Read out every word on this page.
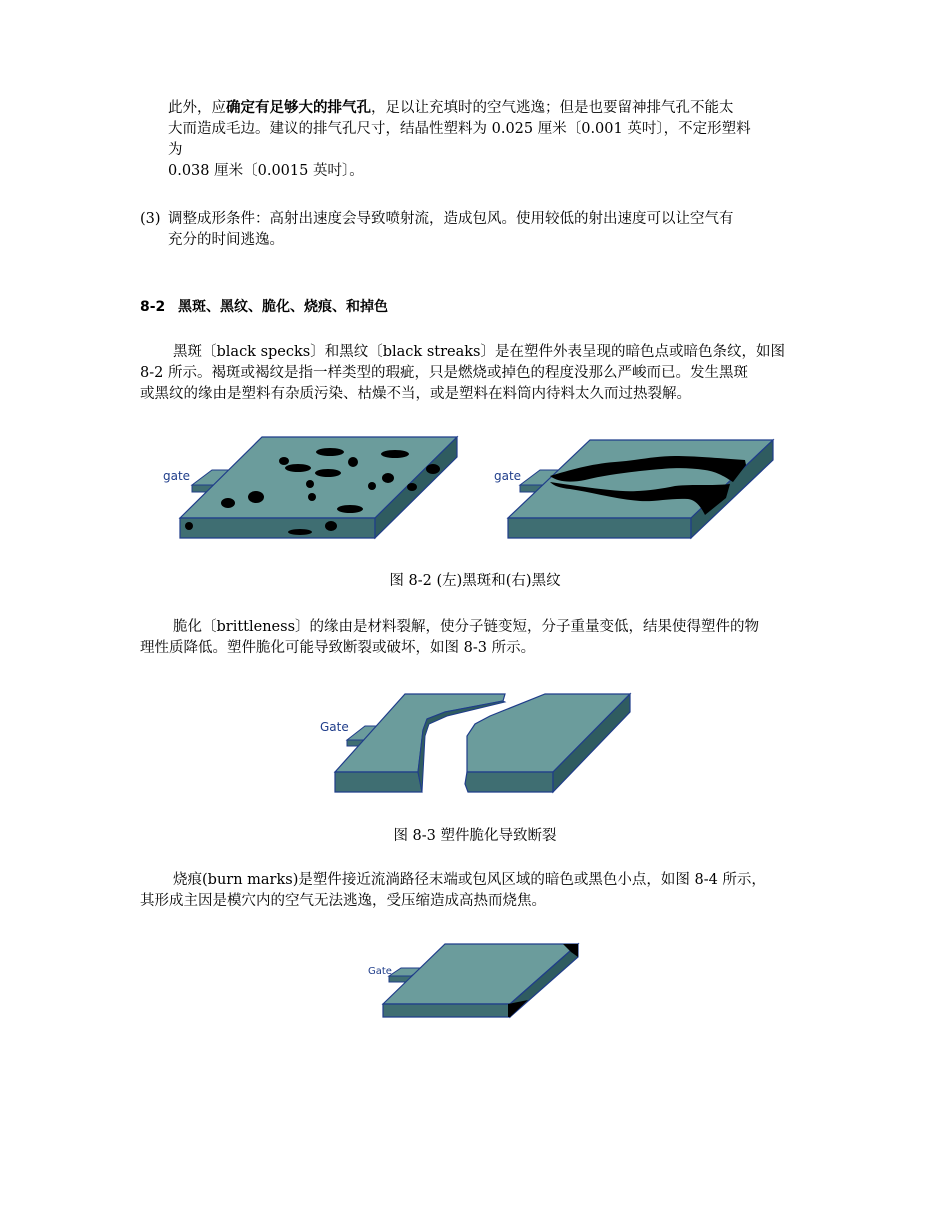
此外，应确定有足够大的排气孔，足以让充填时的空气逃逸；但是也要留神排气孔不能太
大而造成毛边。建议的排气孔尺寸，结晶性塑料为 0.025 厘米〔0.001 英吋〕，不定形塑料
为
0.038 厘米〔0.0015 英吋〕。
(3) 调整成形条件：高射出速度会导致喷射流，造成包风。使用较低的射出速度可以让空气有
充分的时间逃逸。
8-2 黑斑、黑纹、脆化、烧痕、和掉色
黑斑〔black specks〕和黑纹〔black streaks〕是在塑件外表呈现的暗色点或暗色条纹，如图
8-2 所示。褐斑或褐纹是指一样类型的瑕疵，只是燃烧或掉色的程度没那么严峻而已。发生黑斑
或黑纹的缘由是塑料有杂质污染、枯燥不当，或是塑料在料筒内待料太久而过热裂解。
gate	gate
图 8-2 (左)黑斑和(右)黑纹
脆化〔brittleness〕的缘由是材料裂解，使分子链变短，分子重量变低，结果使得塑件的物
理性质降低。塑件脆化可能导致断裂或破坏，如图 8-3 所示。
Gate
图 8-3 塑件脆化导致断裂
烧痕(burn marks)是塑件接近流淌路径末端或包风区域的暗色或黑色小点，如图 8-4 所示，
其形成主因是模穴内的空气无法逃逸，受压缩造成高热而烧焦。
Gate
